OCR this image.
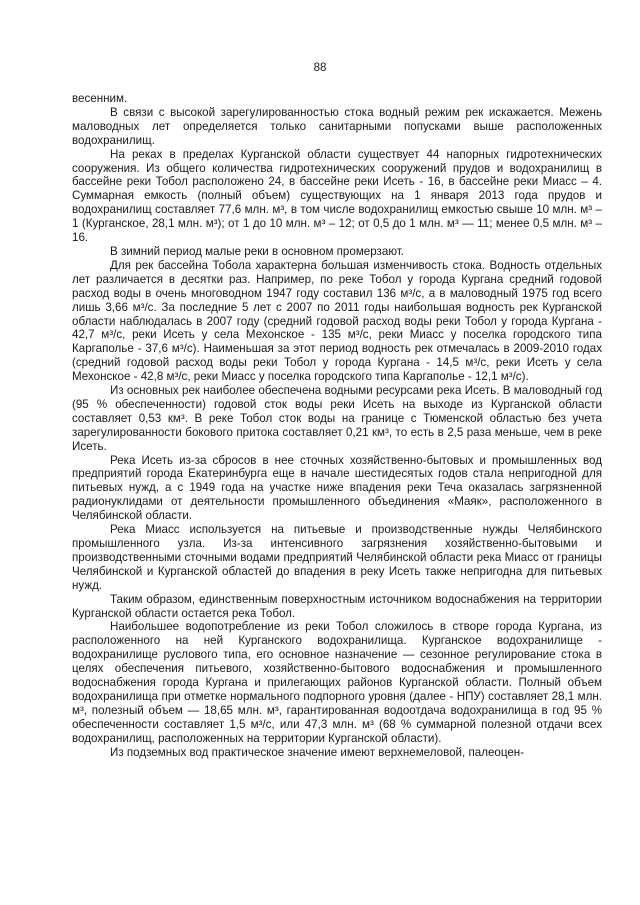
88

весенним.

В связи с высокой зарегулированностью стока водный режим рек искажается. Межень маловодных лет определяется только санитарными попусками выше расположенных водохранилищ.

На реках в пределах Курганской области существует 44 напорных гидротехнических сооружения. Из общего количества гидротехнических сооружений прудов и водохранилищ в бассейне реки Тобол расположено 24, в бассейне реки Исеть - 16, в бассейне реки Миасс – 4. Суммарная емкость (полный объем) существующих на 1 января 2013 года прудов и водохранилищ составляет 77,6 млн. м³, в том числе водохранилищ емкостью свыше 10 млн. м³ – 1 (Курганское, 28,1 млн. м³); от 1 до 10 млн. м³ – 12; от 0,5 до 1 млн. м³ — 11; менее 0,5 млн. м³ – 16.

В зимний период малые реки в основном промерзают.

Для рек бассейна Тобола характерна большая изменчивость стока. Водность отдельных лет различается в десятки раз. Например, по реке Тобол у города Кургана средний годовой расход воды в очень многоводном 1947 году составил 136 м³/с, а в маловодный 1975 год всего лишь 3,66 м³/с. За последние 5 лет с 2007 по 2011 годы наибольшая водность рек Курганской области наблюдалась в 2007 году (средний годовой расход воды реки Тобол у города Кургана - 42,7 м³/с, реки Исеть у села Мехонское - 135 м³/с, реки Миасс у поселка городского типа Каргаполье - 37,6 м³/с). Наименьшая за этот период водность рек отмечалась в 2009-2010 годах (средний годовой расход воды реки Тобол у города Кургана - 14,5 м³/с, реки Исеть у села Мехонское - 42,8 м³/с, реки Миасс у поселка городского типа Каргаполье - 12,1 м³/с).

Из основных рек наиболее обеспечена водными ресурсами река Исеть. В маловодный год (95 % обеспеченности) годовой сток воды реки Исеть на выходе из Курганской области составляет 0,53 км³. В реке Тобол сток воды на границе с Тюменской областью без учета зарегулированности бокового притока составляет 0,21 км³, то есть в 2,5 раза меньше, чем в реке Исеть.

Река Исеть из-за сбросов в нее сточных хозяйственно-бытовых и промышленных вод предприятий города Екатеринбурга еще в начале шестидесятых годов стала непригодной для питьевых нужд, а с 1949 года на участке ниже впадения реки Теча оказалась загрязненной радионуклидами от деятельности промышленного объединения «Маяк», расположенного в Челябинской области.

Река Миасс используется на питьевые и производственные нужды Челябинского промышленного узла. Из-за интенсивного загрязнения хозяйственно-бытовыми и производственными сточными водами предприятий Челябинской области река Миасс от границы Челябинской и Курганской областей до впадения в реку Исеть также непригодна для питьевых нужд.

Таким образом, единственным поверхностным источником водоснабжения на территории Курганской области остается река Тобол.

Наибольшее водопотребление из реки Тобол сложилось в створе города Кургана, из расположенного на ней Курганского водохранилища. Курганское водохранилище - водохранилище руслового типа, его основное назначение — сезонное регулирование стока в целях обеспечения питьевого, хозяйственно-бытового водоснабжения и промышленного водоснабжения города Кургана и прилегающих районов Курганской области. Полный объем водохранилища при отметке нормального подпорного уровня (далее - НПУ) составляет 28,1 млн. м³, полезный объем — 18,65 млн. м³, гарантированная водоотдача водохранилища в год 95 % обеспеченности составляет 1,5 м³/с, или 47,3 млн. м³ (68 % суммарной полезной отдачи всех водохранилищ, расположенных на территории Курганской области).

Из подземных вод практическое значение имеют верхнемеловой, палеоцен-
